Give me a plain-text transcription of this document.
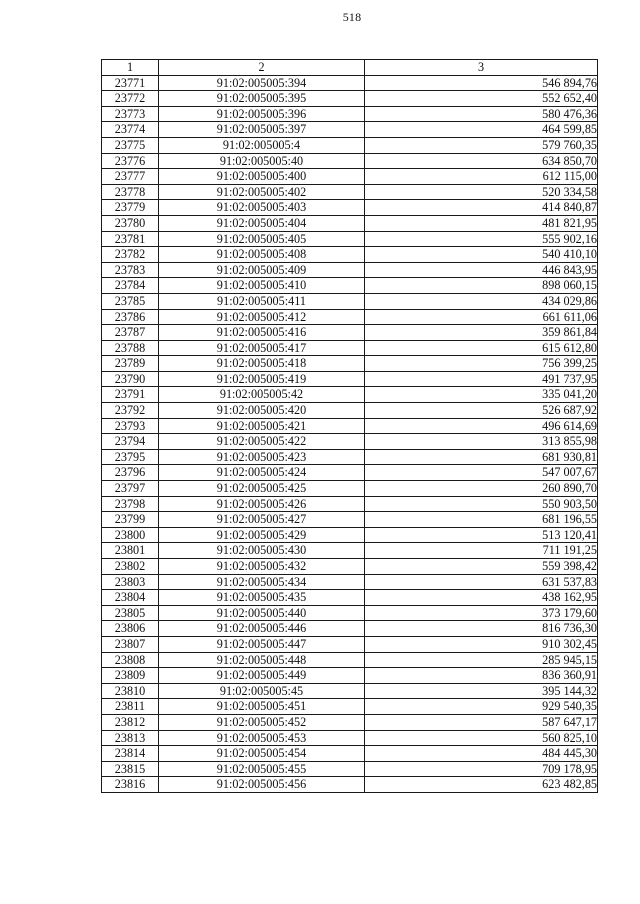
518
1	2	3
23771	91:02:005005:394	546 894,76
23772	91:02:005005:395	552 652,40
23773	91:02:005005:396	580 476,36
23774	91:02:005005:397	464 599,85
23775	91:02:005005:4	579 760,35
23776	91:02:005005:40	634 850,70
23777	91:02:005005:400	612 115,00
23778	91:02:005005:402	520 334,58
23779	91:02:005005:403	414 840,87
23780	91:02:005005:404	481 821,95
23781	91:02:005005:405	555 902,16
23782	91:02:005005:408	540 410,10
23783	91:02:005005:409	446 843,95
23784	91:02:005005:410	898 060,15
23785	91:02:005005:411	434 029,86
23786	91:02:005005:412	661 611,06
23787	91:02:005005:416	359 861,84
23788	91:02:005005:417	615 612,80
23789	91:02:005005:418	756 399,25
23790	91:02:005005:419	491 737,95
23791	91:02:005005:42	335 041,20
23792	91:02:005005:420	526 687,92
23793	91:02:005005:421	496 614,69
23794	91:02:005005:422	313 855,98
23795	91:02:005005:423	681 930,81
23796	91:02:005005:424	547 007,67
23797	91:02:005005:425	260 890,70
23798	91:02:005005:426	550 903,50
23799	91:02:005005:427	681 196,55
23800	91:02:005005:429	513 120,41
23801	91:02:005005:430	711 191,25
23802	91:02:005005:432	559 398,42
23803	91:02:005005:434	631 537,83
23804	91:02:005005:435	438 162,95
23805	91:02:005005:440	373 179,60
23806	91:02:005005:446	816 736,30
23807	91:02:005005:447	910 302,45
23808	91:02:005005:448	285 945,15
23809	91:02:005005:449	836 360,91
23810	91:02:005005:45	395 144,32
23811	91:02:005005:451	929 540,35
23812	91:02:005005:452	587 647,17
23813	91:02:005005:453	560 825,10
23814	91:02:005005:454	484 445,30
23815	91:02:005005:455	709 178,95
23816	91:02:005005:456	623 482,85
